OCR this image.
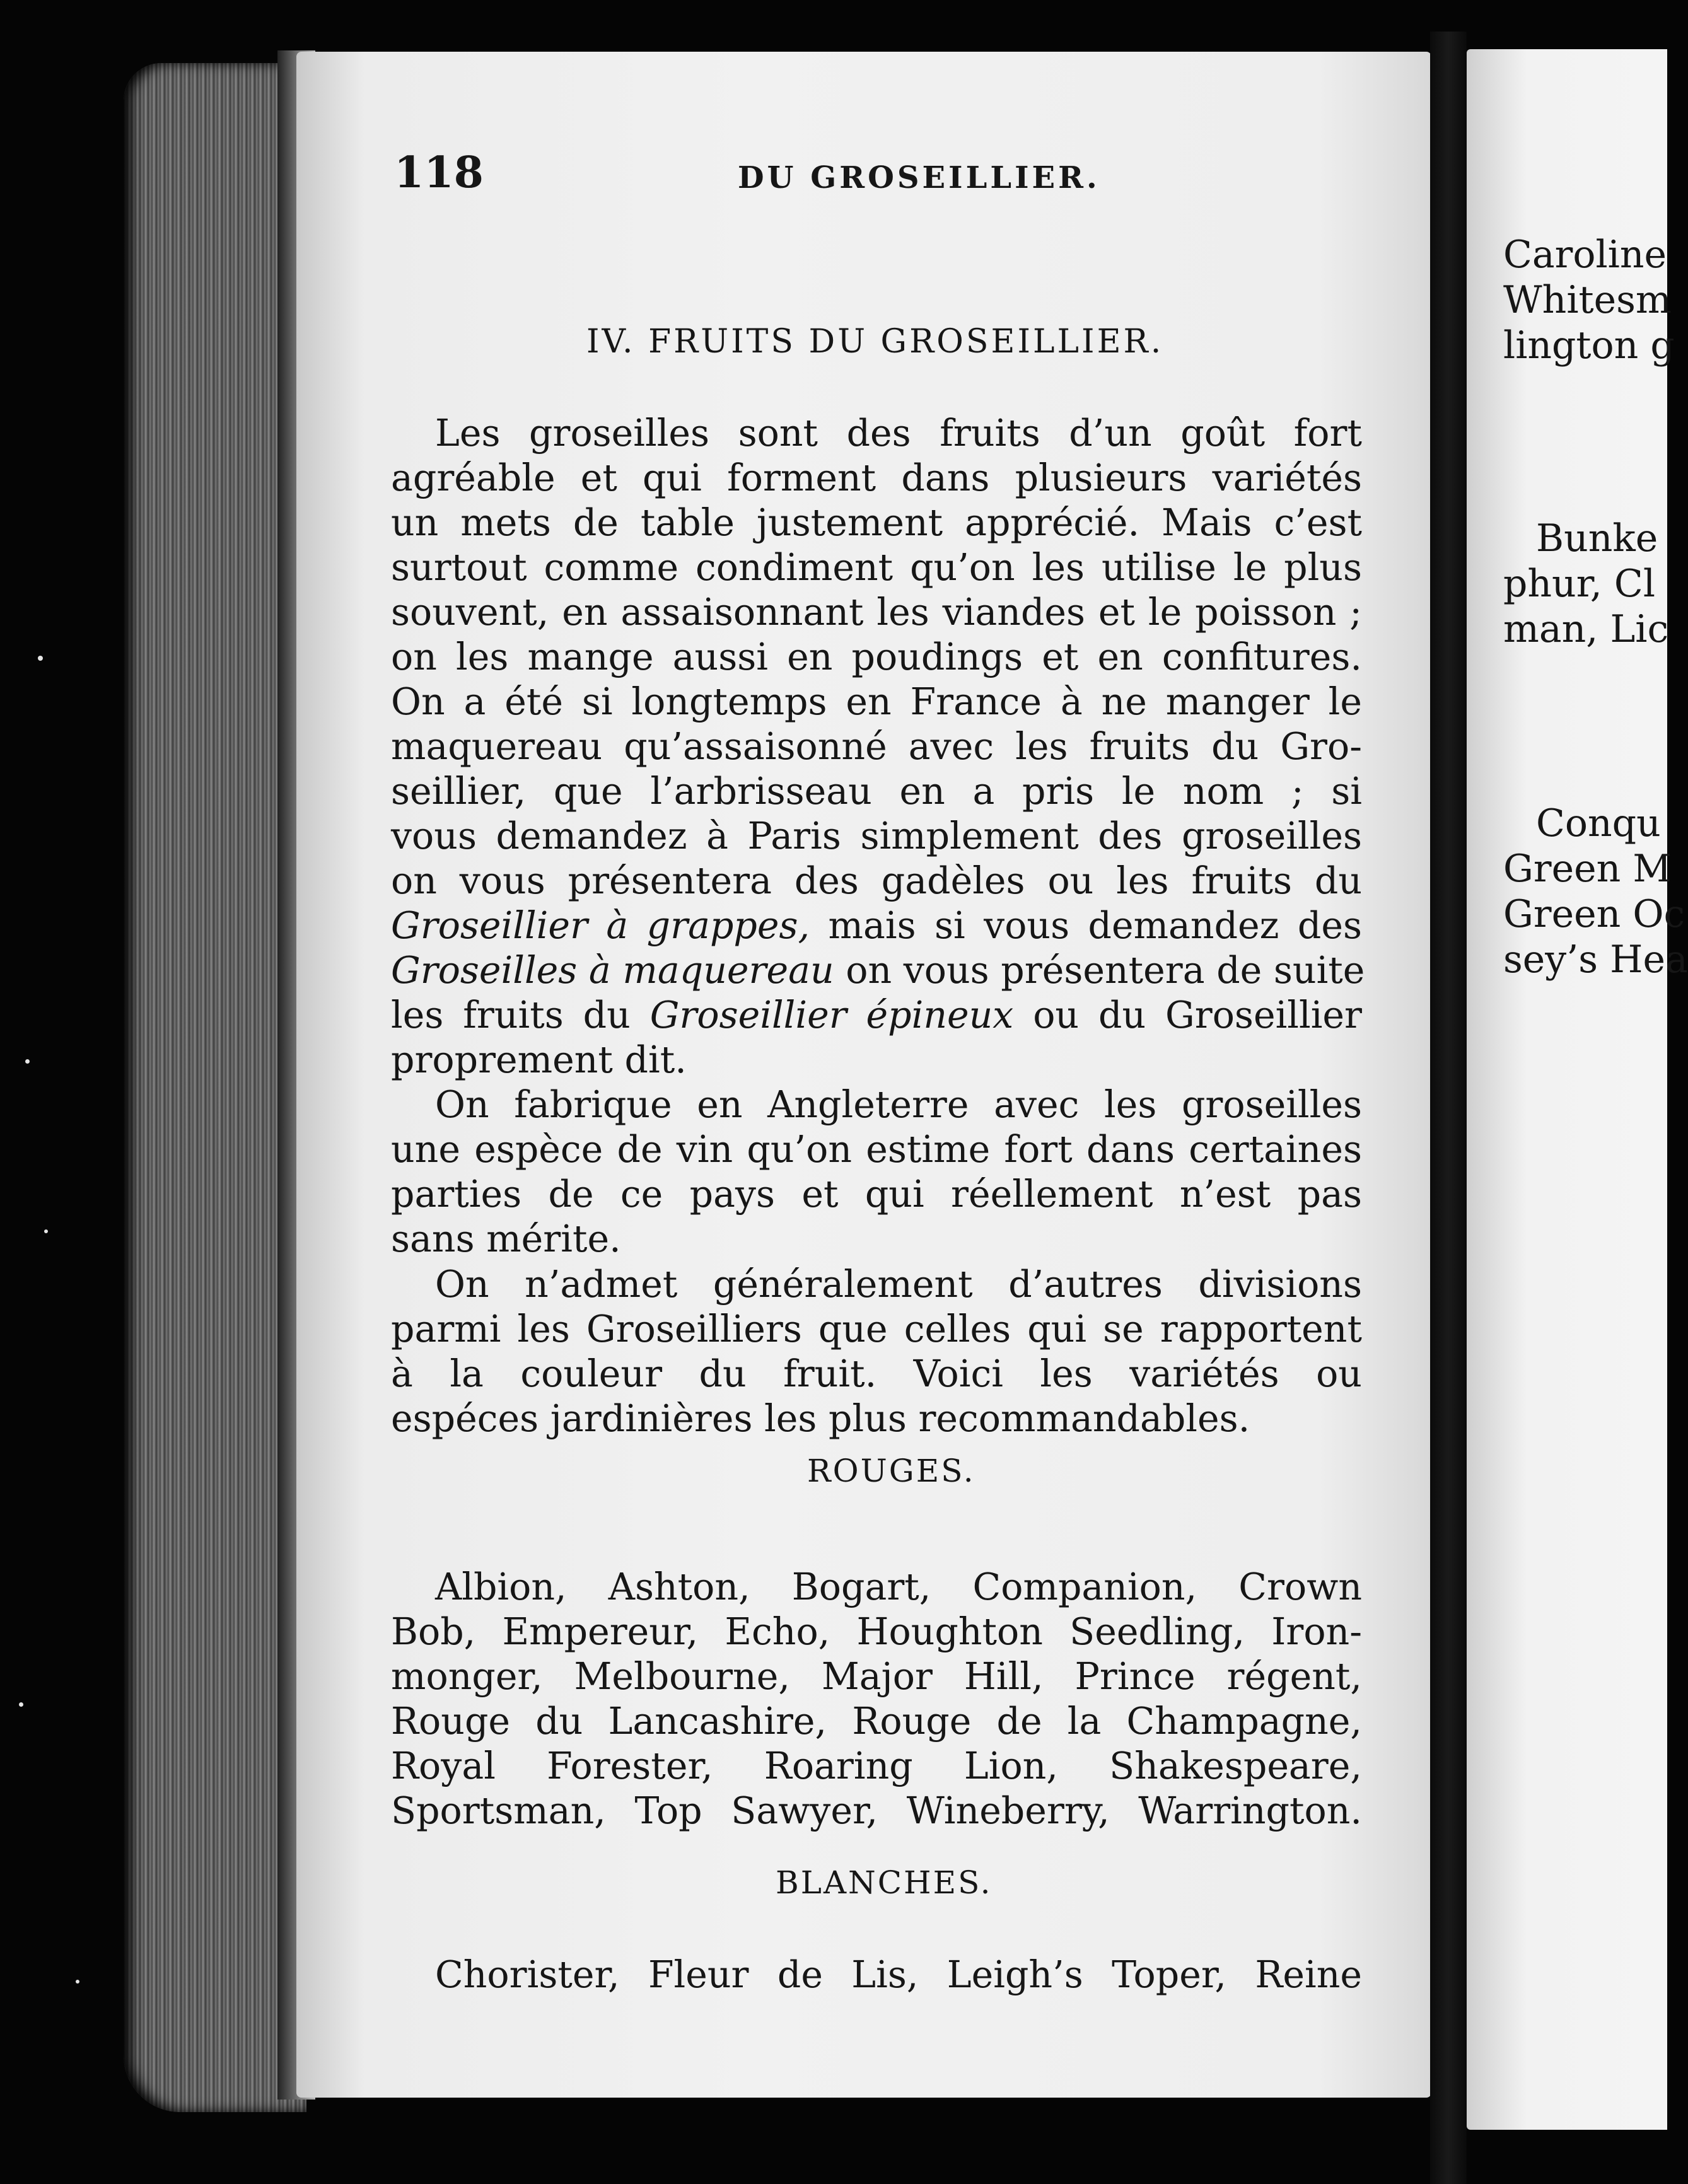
118	DU GROSEILLIER.
IV. FRUITS DU GROSEILLIER.
Les groseilles sont des fruits d’un goût fort
agréable et qui forment dans plusieurs variétés
un mets de table justement apprécié. Mais c’est
surtout comme condiment qu’on les utilise le plus
souvent, en assaisonnant les viandes et le poisson ;
on les mange aussi en poudings et en confitures.
On a été si longtemps en France à ne manger le
maquereau qu’assaisonné avec les fruits du Gro-
seillier, que l’arbrisseau en a pris le nom ; si
vous demandez à Paris simplement des groseilles
on vous présentera des gadèles ou les fruits du
Groseillier à grappes, mais si vous demandez des
Groseilles à maquereau on vous présentera de suite
les fruits du Groseillier épineux ou du Groseillier
proprement dit.
On fabrique en Angleterre avec les groseilles
une espèce de vin qu’on estime fort dans certaines
parties de ce pays et qui réellement n’est pas
sans mérite.
On n’admet généralement d’autres divisions
parmi les Groseilliers que celles qui se rapportent
à la couleur du fruit. Voici les variétés ou
espéces jardinières les plus recommandables.
ROUGES.
Albion, Ashton, Bogart, Companion, Crown
Bob, Empereur, Echo, Houghton Seedling, Iron-
monger, Melbourne, Major Hill, Prince régent,
Rouge du Lancashire, Rouge de la Champagne,
Royal Forester, Roaring Lion, Shakespeare,
Sportsman, Top Sawyer, Wineberry, Warrington.
BLANCHES.
Chorister, Fleur de Lis, Leigh’s Toper, Reine
Caroline
Whitesm
lington g
Bunke
phur, Cl
man, Lic
Conqu
Green M
Green Oc
sey’s Hea
